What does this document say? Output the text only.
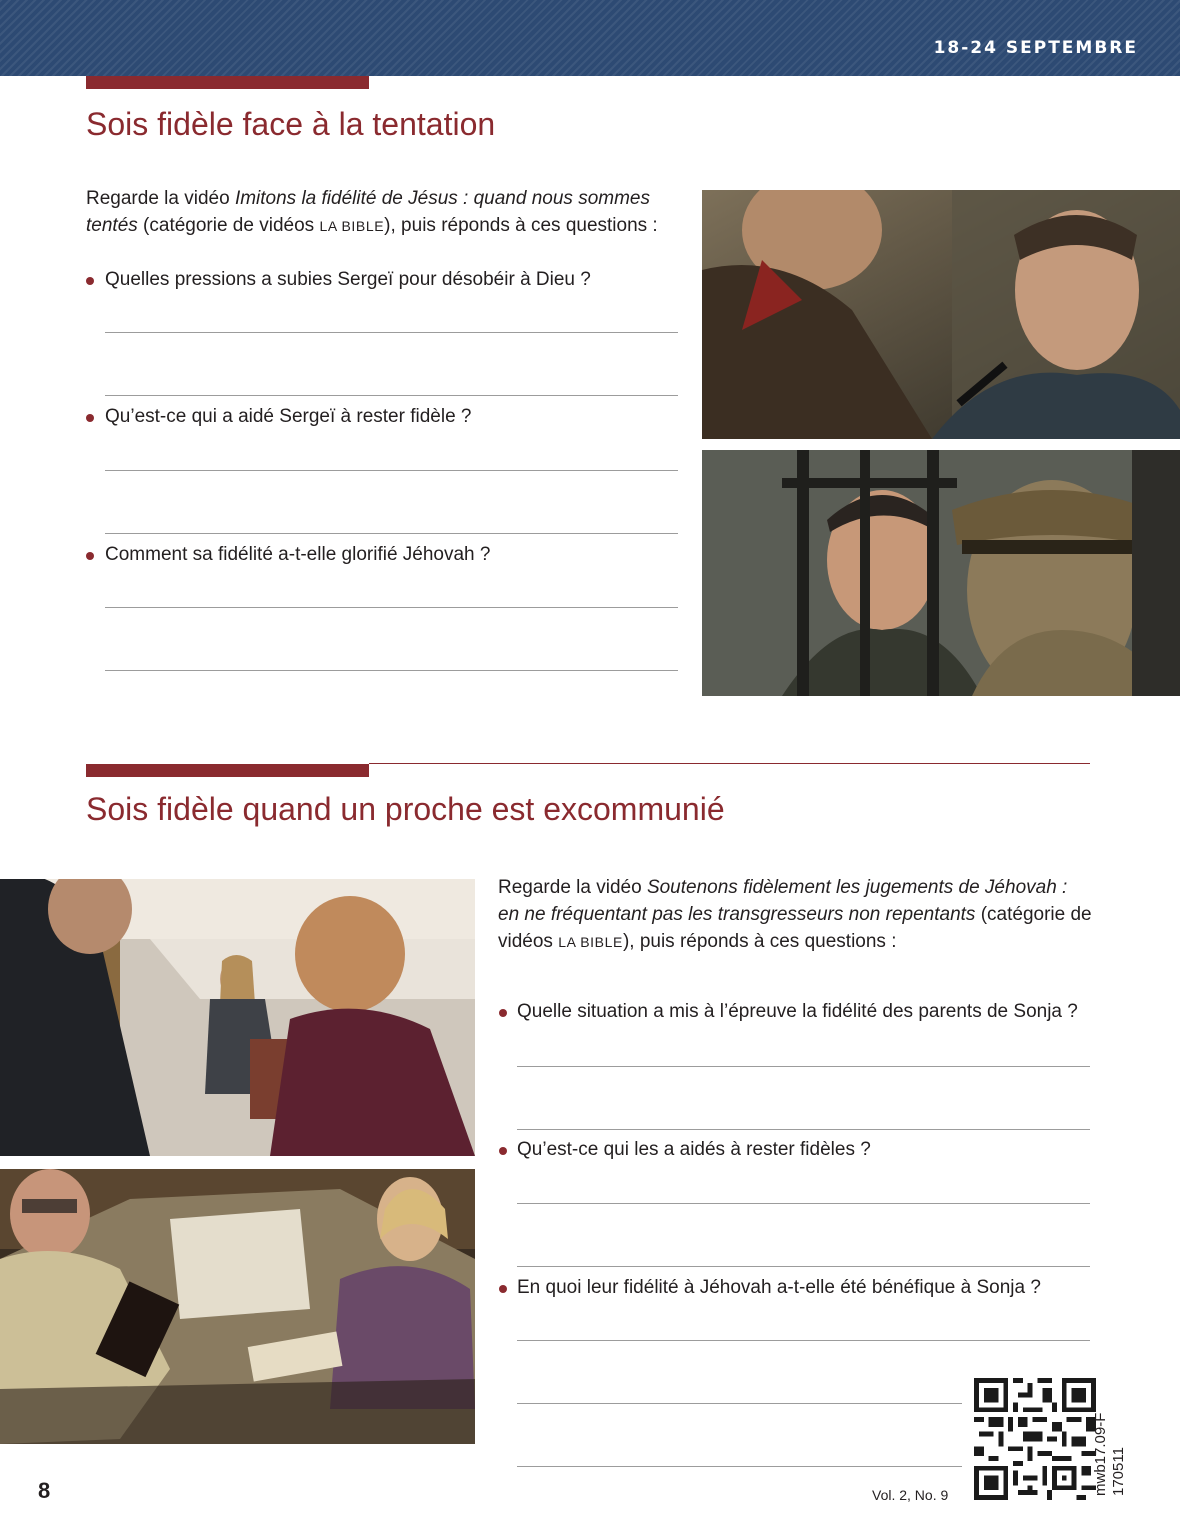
18-24 SEPTEMBRE
Sois fidèle face à la tentation

Regarde la vidéo Imitons la fidélité de Jésus : quand nous sommes tentés (catégorie de vidéos LA BIBLE), puis réponds à ces questions :

Quelles pressions a subies Sergeï pour désobéir à Dieu ?
Qu’est-ce qui a aidé Sergeï à rester fidèle ?
Comment sa fidélité a-t-elle glorifié Jéhovah ?
Sois fidèle quand un proche est excommunié

Regarde la vidéo Soutenons fidèlement les jugements de Jéhovah : en ne fréquentant pas les transgresseurs non repentants (catégorie de vidéos LA BIBLE), puis réponds à ces questions :

Quelle situation a mis à l’épreuve la fidélité des parents de Sonja ?
Qu’est-ce qui les a aidés à rester fidèles ?
En quoi leur fidélité à Jéhovah a-t-elle été bénéfique à Sonja ?
mwb17.09-F 170511
8	Vol. 2, No. 9
